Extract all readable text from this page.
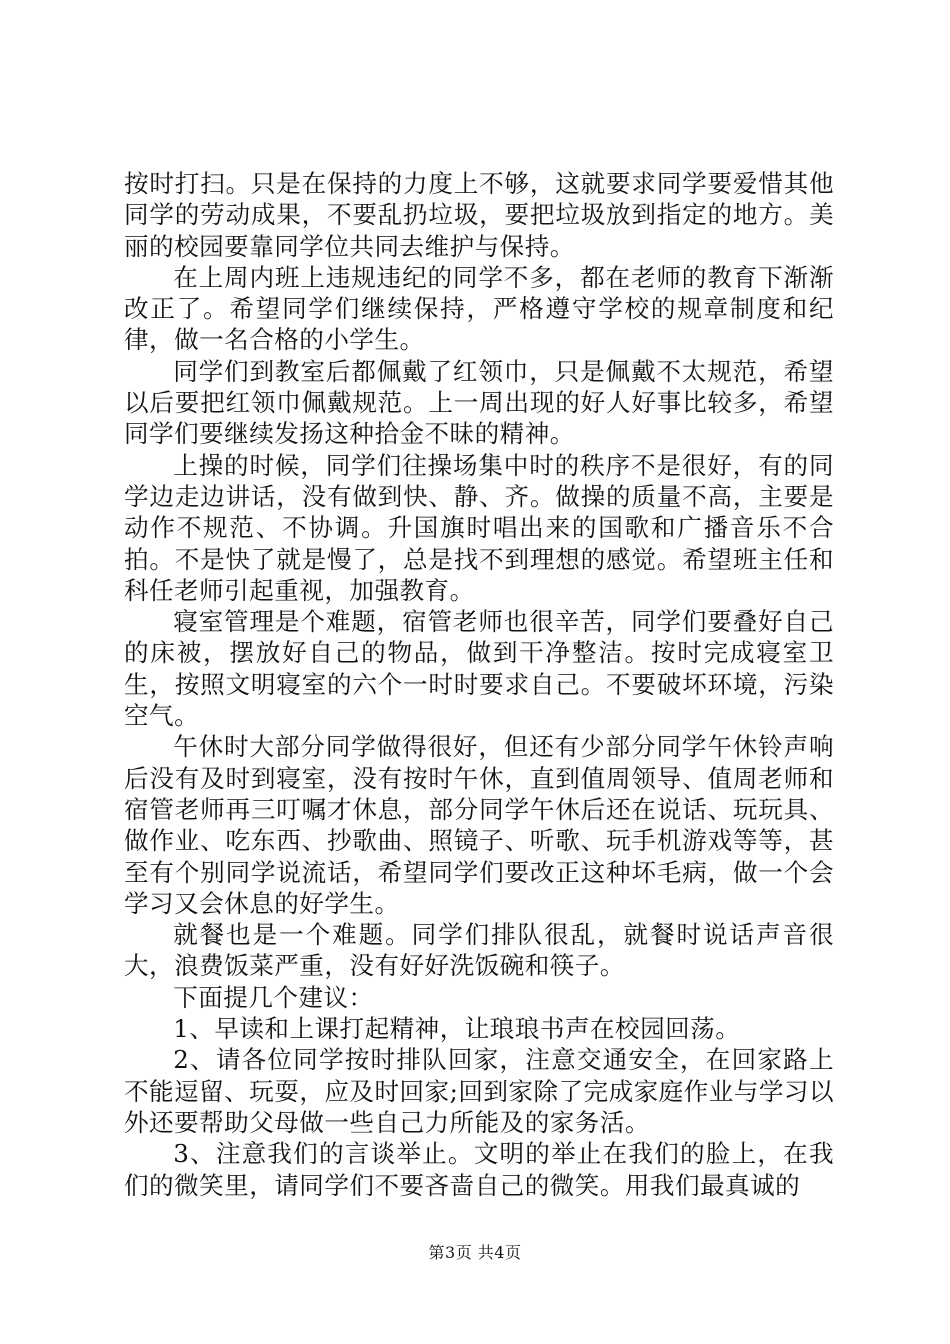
按时打扫。只是在保持的力度上不够，这就要求同学要爱惜其他同学的劳动成果，不要乱扔垃圾，要把垃圾放到指定的地方。美丽的校园要靠同学位共同去维护与保持。

在上周内班上违规违纪的同学不多，都在老师的教育下渐渐改正了。希望同学们继续保持，严格遵守学校的规章制度和纪律，做一名合格的小学生。

同学们到教室后都佩戴了红领巾，只是佩戴不太规范，希望以后要把红领巾佩戴规范。上一周出现的好人好事比较多，希望同学们要继续发扬这种拾金不昧的精神。

上操的时候，同学们往操场集中时的秩序不是很好，有的同学边走边讲话，没有做到快、静、齐。做操的质量不高，主要是动作不规范、不协调。升国旗时唱出来的国歌和广播音乐不合拍。不是快了就是慢了，总是找不到理想的感觉。希望班主任和科任老师引起重视，加强教育。

寝室管理是个难题，宿管老师也很辛苦，同学们要叠好自己的床被，摆放好自己的物品，做到干净整洁。按时完成寝室卫生，按照文明寝室的六个一时时要求自己。不要破坏环境，污染空气。

午休时大部分同学做得很好，但还有少部分同学午休铃声响后没有及时到寝室，没有按时午休，直到值周领导、值周老师和宿管老师再三叮嘱才休息，部分同学午休后还在说话、玩玩具、做作业、吃东西、抄歌曲、照镜子、听歌、玩手机游戏等等，甚至有个别同学说流话，希望同学们要改正这种坏毛病，做一个会学习又会休息的好学生。

就餐也是一个难题。同学们排队很乱，就餐时说话声音很大，浪费饭菜严重，没有好好洗饭碗和筷子。

下面提几个建议：

1、早读和上课打起精神，让琅琅书声在校园回荡。

2、请各位同学按时排队回家，注意交通安全，在回家路上不能逗留、玩耍，应及时回家;回到家除了完成家庭作业与学习以外还要帮助父母做一些自己力所能及的家务活。

3、注意我们的言谈举止。文明的举止在我们的脸上，在我们的微笑里，请同学们不要吝啬自己的微笑。用我们最真诚的

第3页 共4页
